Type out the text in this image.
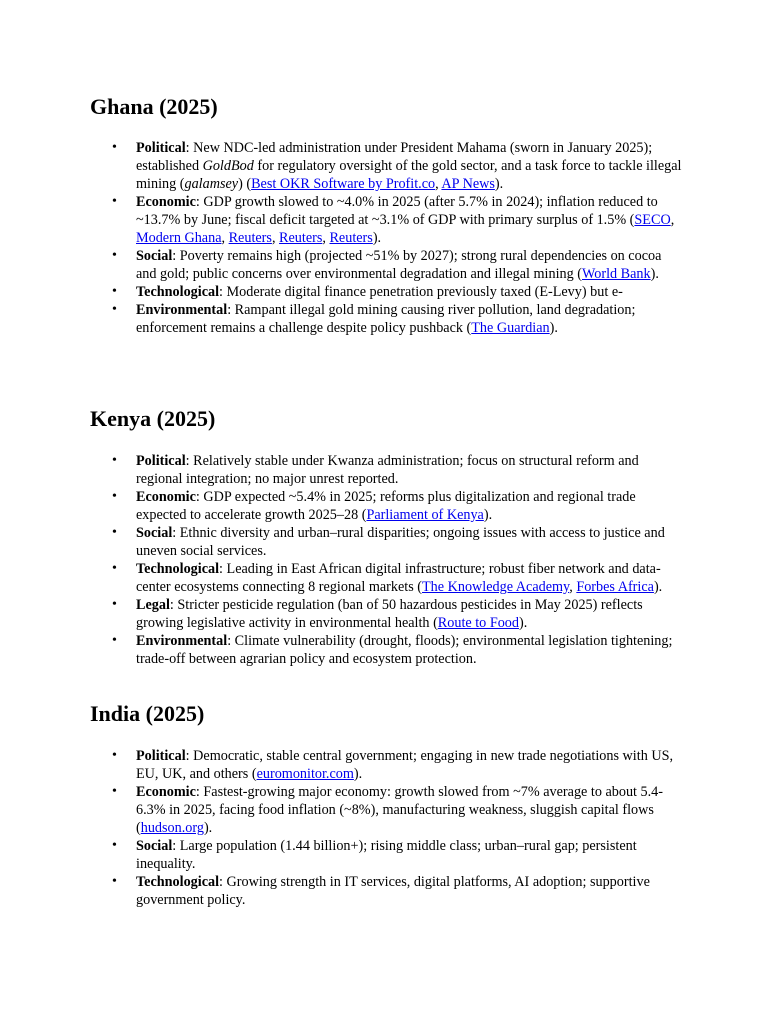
Ghana (2025)
• Political: New NDC-led administration under President Mahama (sworn in January 2025); established GoldBod for regulatory oversight of the gold sector, and a task force to tackle illegal mining (galamsey) (Best OKR Software by Profit.co, AP News).
• Economic: GDP growth slowed to ~4.0% in 2025 (after 5.7% in 2024); inflation reduced to ~13.7% by June; fiscal deficit targeted at ~3.1% of GDP with primary surplus of 1.5% (SECO, Modern Ghana, Reuters, Reuters, Reuters).
• Social: Poverty remains high (projected ~51% by 2027); strong rural dependencies on cocoa and gold; public concerns over environmental degradation and illegal mining (World Bank).
• Technological: Moderate digital finance penetration previously taxed (E-Levy) but e-
• Environmental: Rampant illegal gold mining causing river pollution, land degradation; enforcement remains a challenge despite policy pushback (The Guardian).
Kenya (2025)
• Political: Relatively stable under Kwanza administration; focus on structural reform and regional integration; no major unrest reported.
• Economic: GDP expected ~5.4% in 2025; reforms plus digitalization and regional trade expected to accelerate growth 2025–28 (Parliament of Kenya).
• Social: Ethnic diversity and urban–rural disparities; ongoing issues with access to justice and uneven social services.
• Technological: Leading in East African digital infrastructure; robust fiber network and data-center ecosystems connecting 8 regional markets (The Knowledge Academy, Forbes Africa).
• Legal: Stricter pesticide regulation (ban of 50 hazardous pesticides in May 2025) reflects growing legislative activity in environmental health (Route to Food).
• Environmental: Climate vulnerability (drought, floods); environmental legislation tightening; trade-off between agrarian policy and ecosystem protection.
India (2025)
• Political: Democratic, stable central government; engaging in new trade negotiations with US, EU, UK, and others (euromonitor.com).
• Economic: Fastest-growing major economy: growth slowed from ~7% average to about 5.4-6.3% in 2025, facing food inflation (~8%), manufacturing weakness, sluggish capital flows (hudson.org).
• Social: Large population (1.44 billion+); rising middle class; urban–rural gap; persistent inequality.
• Technological: Growing strength in IT services, digital platforms, AI adoption; supportive government policy.
